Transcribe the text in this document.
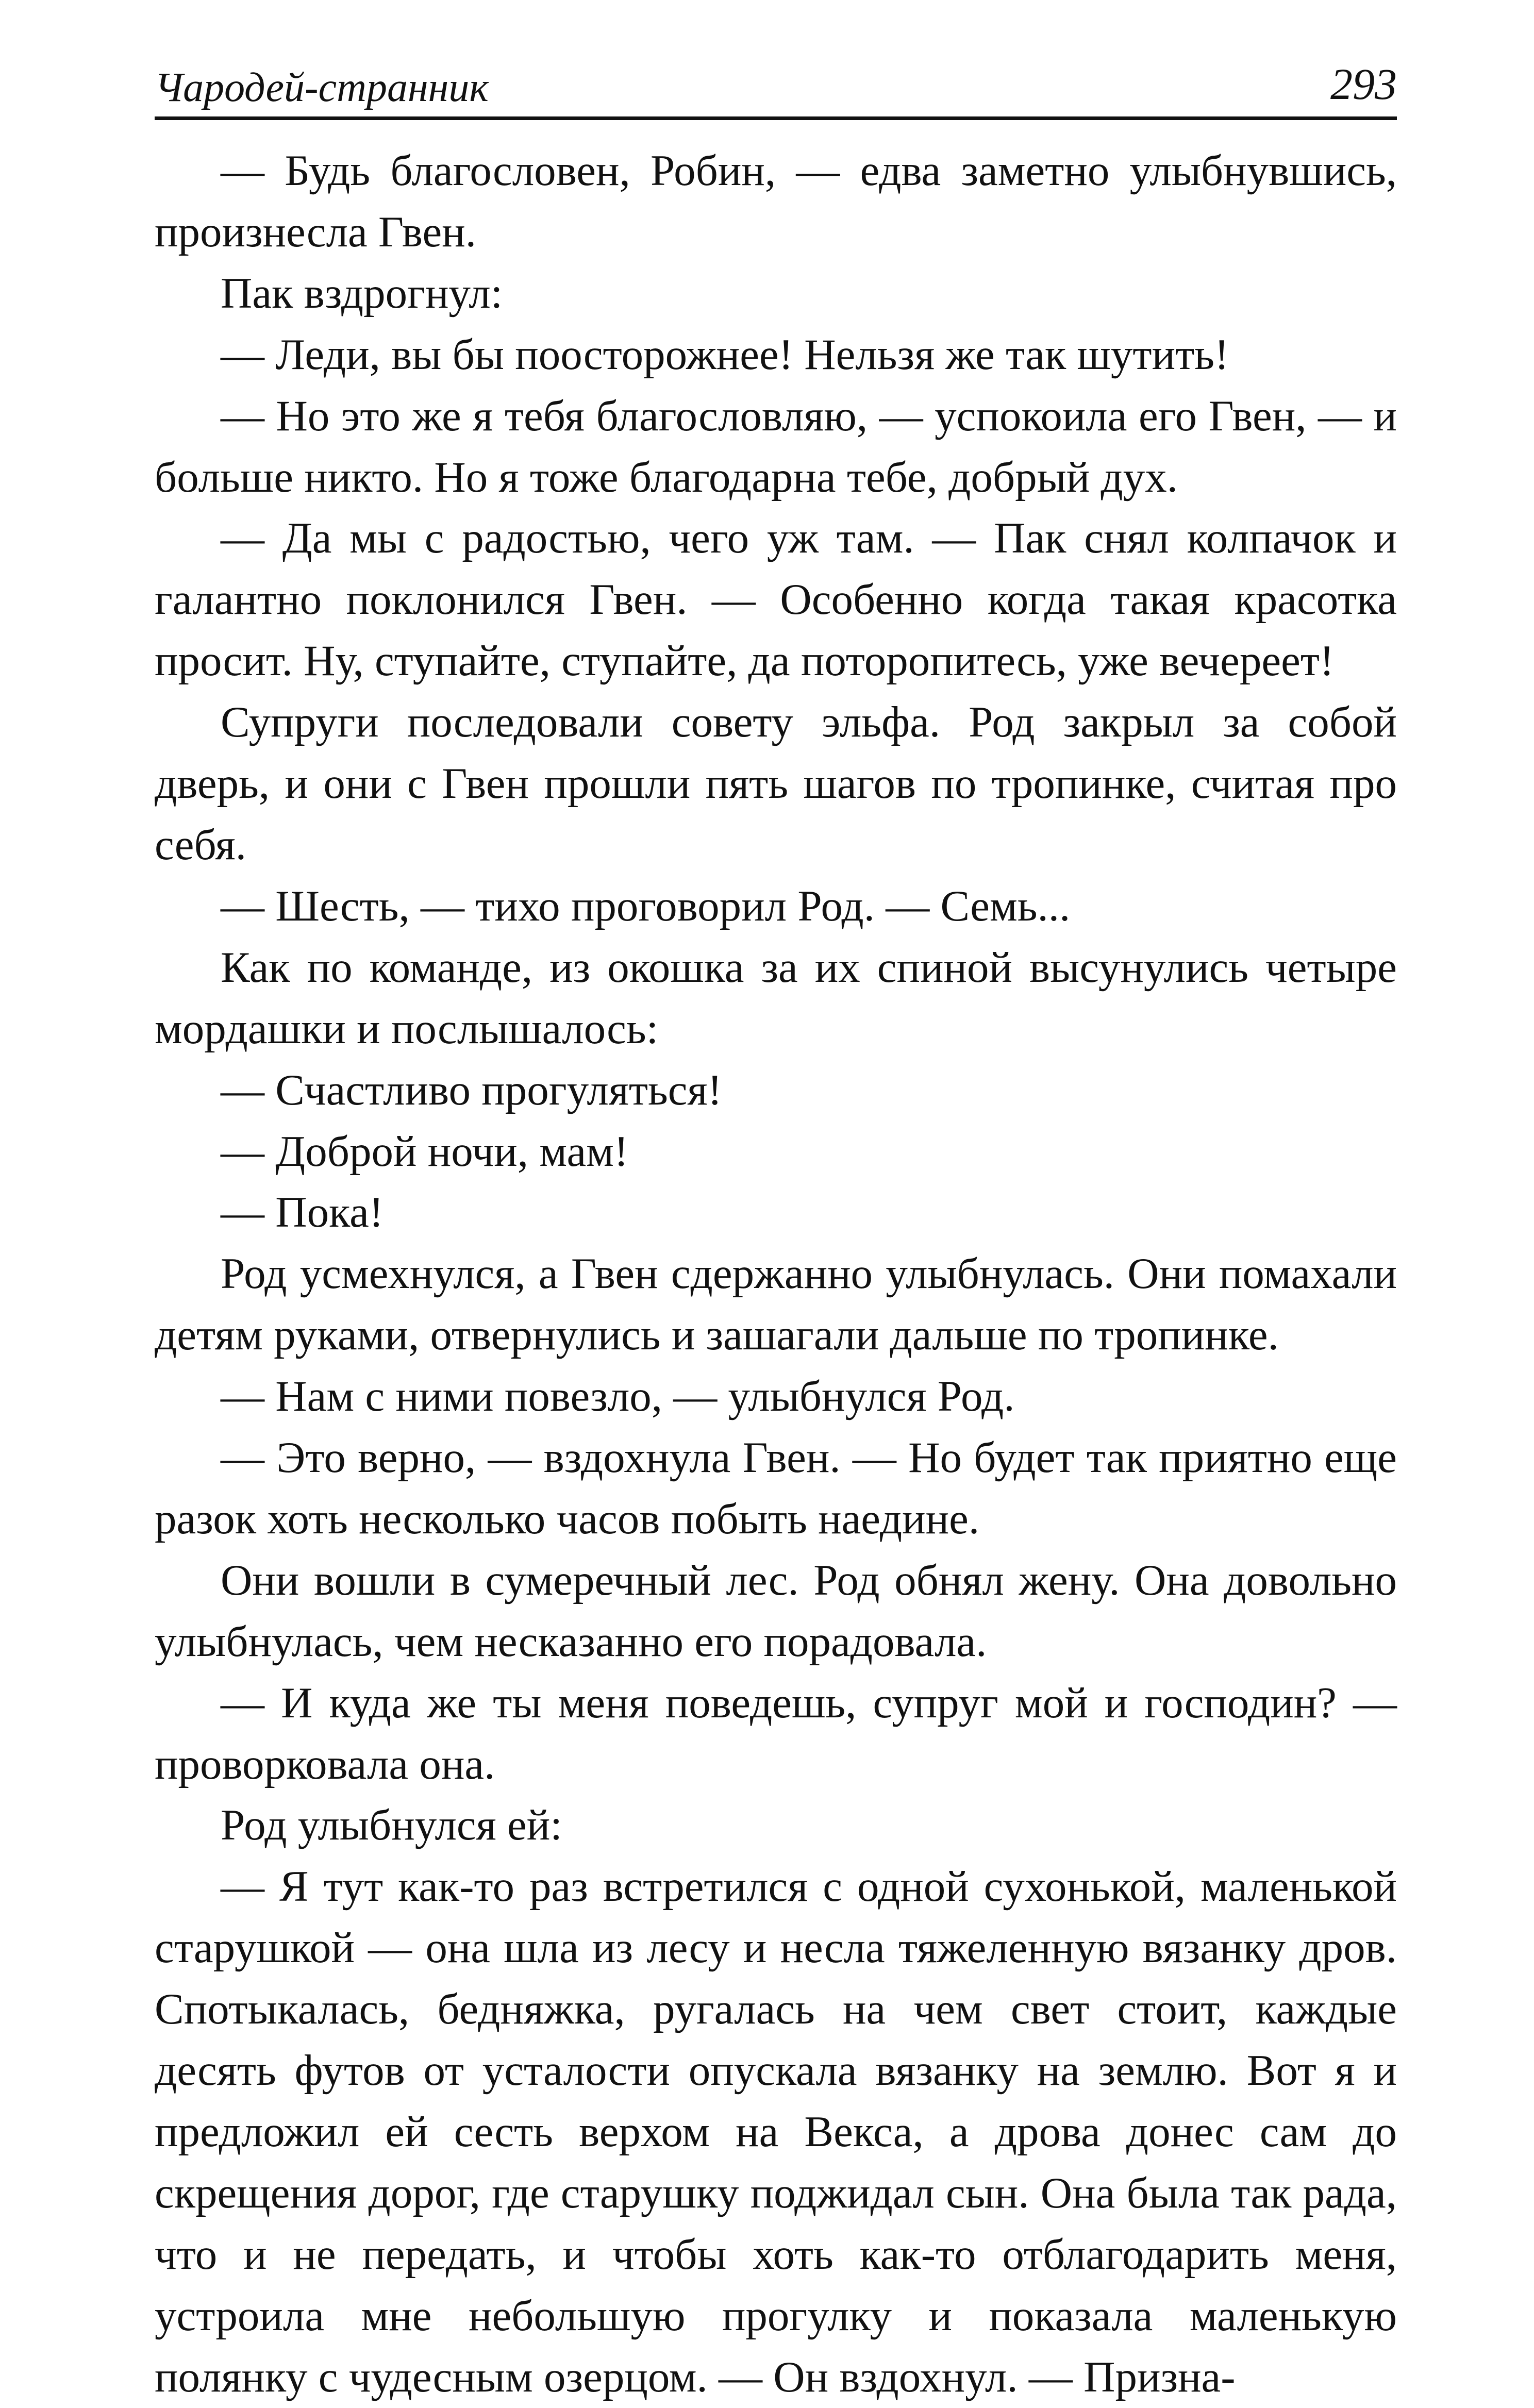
Чародей-странник	293

— Будь благословен, Робин, — едва заметно улыбнувшись, произнесла Гвен.

Пак вздрогнул:

— Леди, вы бы поосторожнее! Нельзя же так шутить!

— Но это же я тебя благословляю, — успокоила его Гвен, — и больше никто. Но я тоже благодарна тебе, добрый дух.

— Да мы с радостью, чего уж там. — Пак снял колпачок и галантно поклонился Гвен. — Особенно когда такая красотка просит. Ну, ступайте, ступайте, да поторопитесь, уже вечереет!

Супруги последовали совету эльфа. Род закрыл за собой дверь, и они с Гвен прошли пять шагов по тропинке, считая про себя.

— Шесть, — тихо проговорил Род. — Семь...

Как по команде, из окошка за их спиной высунулись четыре мордашки и послышалось:

— Счастливо прогуляться!

— Доброй ночи, мам!

— Пока!

Род усмехнулся, а Гвен сдержанно улыбнулась. Они помахали детям руками, отвернулись и зашагали дальше по тропинке.

— Нам с ними повезло, — улыбнулся Род.

— Это верно, — вздохнула Гвен. — Но будет так приятно еще разок хоть несколько часов побыть наедине.

Они вошли в сумеречный лес. Род обнял жену. Она довольно улыбнулась, чем несказанно его порадовала.

— И куда же ты меня поведешь, супруг мой и господин? — проворковала она.

Род улыбнулся ей:

— Я тут как-то раз встретился с одной сухонькой, маленькой старушкой — она шла из лесу и несла тяжеленную вязанку дров. Спотыкалась, бедняжка, ругалась на чем свет стоит, каждые десять футов от усталости опускала вязанку на землю. Вот я и предложил ей сесть верхом на Векса, а дрова донес сам до скрещения дорог, где старушку поджидал сын. Она была так рада, что и не передать, и чтобы хоть как-то отблагодарить меня, устроила мне небольшую прогулку и показала маленькую полянку с чудесным озерцом. — Он вздохнул. — Призна-
